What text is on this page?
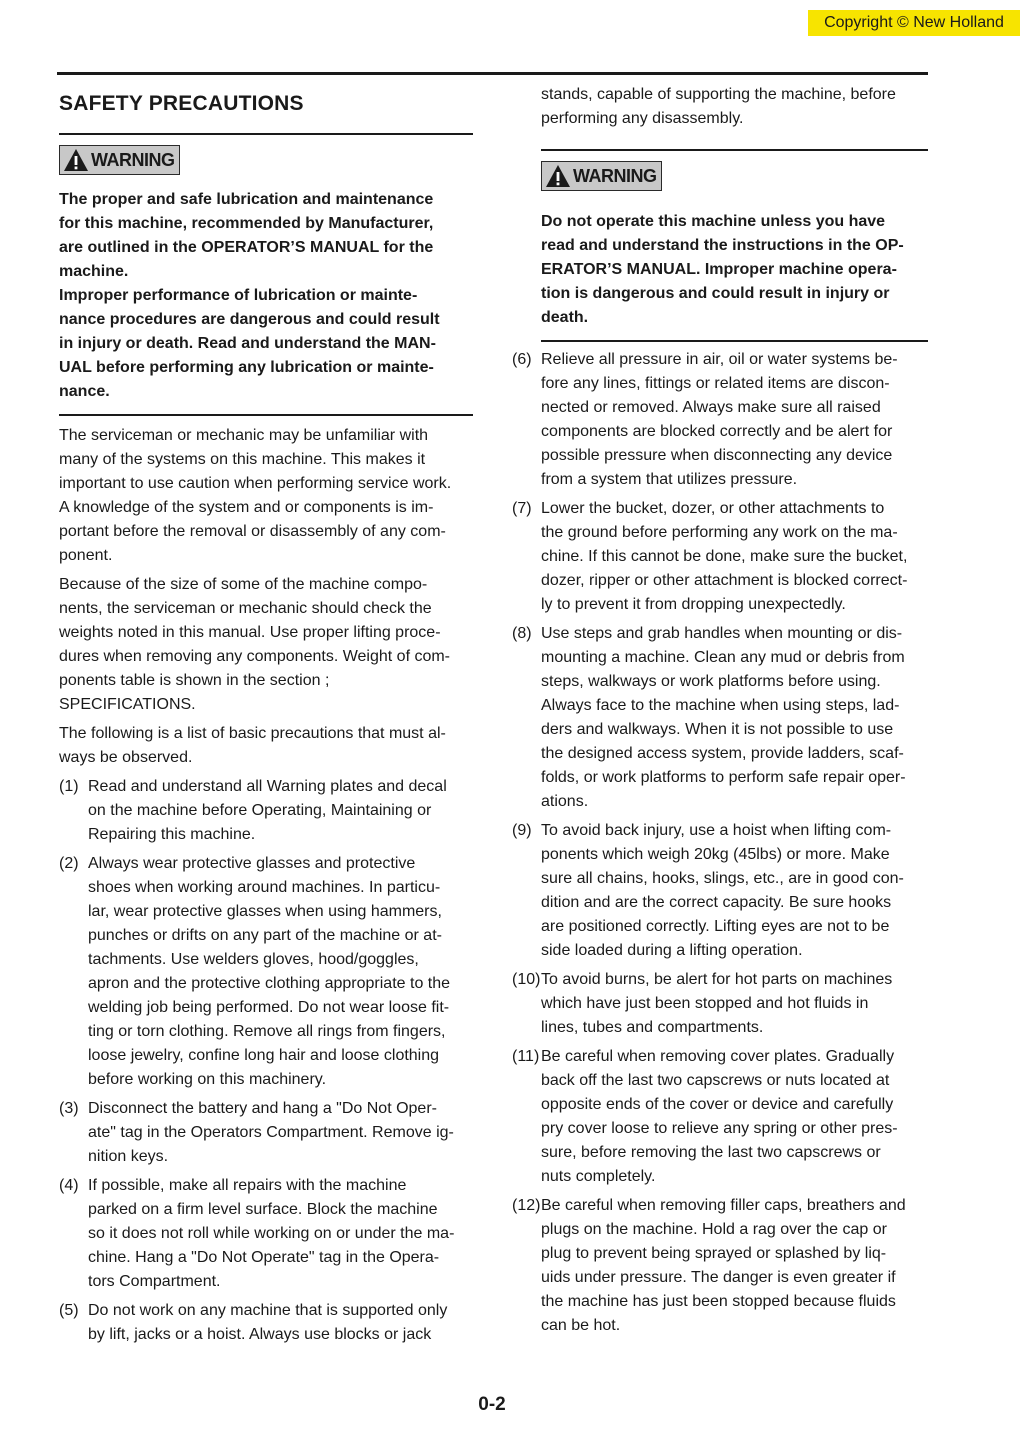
Copyright © New Holland
SAFETY PRECAUTIONS
WARNING
The proper and safe lubrication and maintenance
for this machine, recommended by Manufacturer,
are outlined in the OPERATOR’S MANUAL for the
machine.
Improper performance of lubrication or mainte-
nance procedures are dangerous and could result
in injury or death. Read and understand the MAN-
UAL before performing any lubrication or mainte-
nance.
The serviceman or mechanic may be unfamiliar with
many of the systems on this machine. This makes it
important to use caution when performing service work.
A knowledge of the system and or components is im-
portant before the removal or disassembly of any com-
ponent.
Because of the size of some of the machine compo-
nents, the serviceman or mechanic should check the
weights noted in this manual. Use proper lifting proce-
dures when removing any components. Weight of com-
ponents table is shown in the section ;
SPECIFICATIONS.
The following is a list of basic precautions that must al-
ways be observed.
(1) Read and understand all Warning plates and decal
on the machine before Operating, Maintaining or
Repairing this machine.
(2) Always wear protective glasses and protective
shoes when working around machines. In particu-
lar, wear protective glasses when using hammers,
punches or drifts on any part of the machine or at-
tachments. Use welders gloves, hood/goggles,
apron and the protective clothing appropriate to the
welding job being performed. Do not wear loose fit-
ting or torn clothing. Remove all rings from fingers,
loose jewelry, confine long hair and loose clothing
before working on this machinery.
(3) Disconnect the battery and hang a "Do Not Oper-
ate" tag in the Operators Compartment. Remove ig-
nition keys.
(4) If possible, make all repairs with the machine
parked on a firm level surface. Block the machine
so it does not roll while working on or under the ma-
chine. Hang a "Do Not Operate" tag in the Opera-
tors Compartment.
(5) Do not work on any machine that is supported only
by lift, jacks or a hoist. Always use blocks or jack
stands, capable of supporting the machine, before
performing any disassembly.
WARNING
Do not operate this machine unless you have
read and understand the instructions in the OP-
ERATOR’S MANUAL. Improper machine opera-
tion is dangerous and could result in injury or
death.
(6) Relieve all pressure in air, oil or water systems be-
fore any lines, fittings or related items are discon-
nected or removed. Always make sure all raised
components are blocked correctly and be alert for
possible pressure when disconnecting any device
from a system that utilizes pressure.
(7) Lower the bucket, dozer, or other attachments to
the ground before performing any work on the ma-
chine. If this cannot be done, make sure the bucket,
dozer, ripper or other attachment is blocked correct-
ly to prevent it from dropping unexpectedly.
(8) Use steps and grab handles when mounting or dis-
mounting a machine. Clean any mud or debris from
steps, walkways or work platforms before using.
Always face to the machine when using steps, lad-
ders and walkways. When it is not possible to use
the designed access system, provide ladders, scaf-
folds, or work platforms to perform safe repair oper-
ations.
(9) To avoid back injury, use a hoist when lifting com-
ponents which weigh 20kg (45lbs) or more. Make
sure all chains, hooks, slings, etc., are in good con-
dition and are the correct capacity. Be sure hooks
are positioned correctly. Lifting eyes are not to be
side loaded during a lifting operation.
(10) To avoid burns, be alert for hot parts on machines
which have just been stopped and hot fluids in
lines, tubes and compartments.
(11) Be careful when removing cover plates. Gradually
back off the last two capscrews or nuts located at
opposite ends of the cover or device and carefully
pry cover loose to relieve any spring or other pres-
sure, before removing the last two capscrews or
nuts completely.
(12) Be careful when removing filler caps, breathers and
plugs on the machine. Hold a rag over the cap or
plug to prevent being sprayed or splashed by liq-
uids under pressure. The danger is even greater if
the machine has just been stopped because fluids
can be hot.
0-2
